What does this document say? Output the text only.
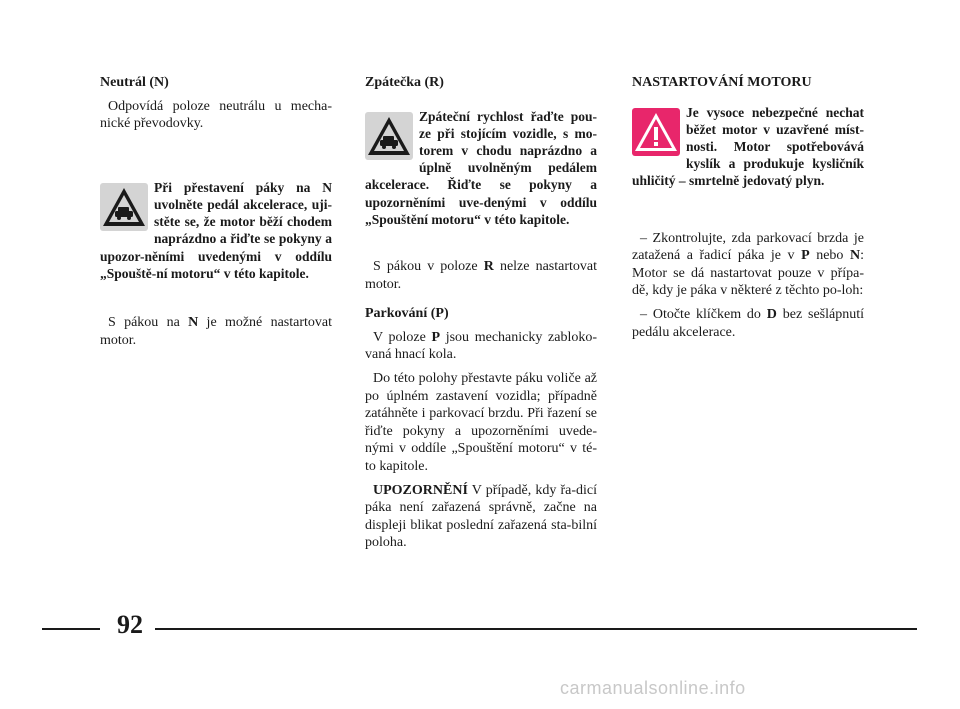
Neutrál (N)
Odpovídá poloze neutrálu u mecha-nické převodovky.
Při přestavení páky na N uvolněte pedál akcelerace, uji-stěte se, že motor běží chodem naprázdno a řiďte se pokyny a upozor-něními uvedenými v oddílu „Spouště-ní motoru“ v této kapitole.
S pákou na N je možné nastartovat motor.
Zpátečka (R)
Zpáteční rychlost řaďte pou-ze při stojícím vozidle, s mo-torem v chodu naprázdno a úplně uvolněným pedálem akcelerace. Řiďte se pokyny a upozorněními uve-denými v oddílu „Spouštění motoru“ v této kapitole.
S pákou v poloze R nelze nastartovat motor.
Parkování (P)
V poloze P jsou mechanicky zabloko-vaná hnací kola.
Do této polohy přestavte páku voliče až po úplném zastavení vozidla; případně zatáhněte i parkovací brzdu. Při řazení se řiďte pokyny a upozorněními uvede-nými v oddíle „Spouštění motoru“ v té-to kapitole.
UPOZORNĚNÍ V případě, kdy řa-dicí páka není zařazená správně, začne na displeji blikat poslední zařazená sta-bilní poloha.
NASTARTOVÁNÍ MOTORU
Je vysoce nebezpečné nechat běžet motor v uzavřené míst-nosti. Motor spotřebovává kyslík a produkuje kysličník uhličitý – smrtelně jedovatý plyn.
– Zkontrolujte, zda parkovací brzda je zatažená a řadicí páka je v P nebo N: Motor se dá nastartovat pouze v přípa-dě, kdy je páka v některé z těchto po-loh:
– Otočte klíčkem do D bez sešlápnutí pedálu akcelerace.
92
carmanualsonline.info
